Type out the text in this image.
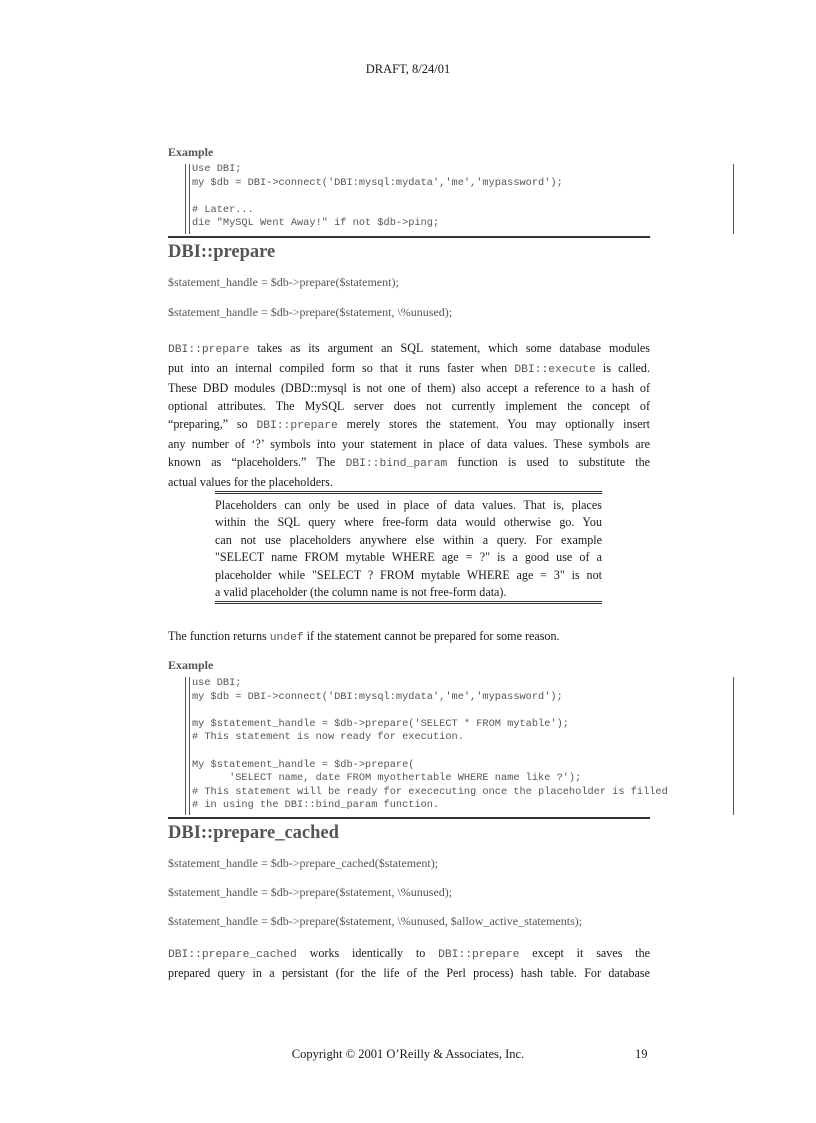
DRAFT, 8/24/01
Example
Use DBI;
my $db = DBI->connect('DBI:mysql:mydata','me','mypassword');

# Later...
die "MySQL Went Away!" if not $db->ping;
DBI::prepare
$statement_handle = $db->prepare($statement);
$statement_handle = $db->prepare($statement, \%unused);
DBI::prepare takes as its argument an SQL statement, which some database modules
put into an internal compiled form so that it runs faster when DBI::execute is called.
These DBD modules (DBD::mysql is not one of them) also accept a reference to a hash of
optional attributes. The MySQL server does not currently implement the concept of
“preparing,” so DBI::prepare merely stores the statement. You may optionally insert
any number of ‘?’ symbols into your statement in place of data values. These symbols are
known as “placeholders.” The DBI::bind_param function is used to substitute the
actual values for the placeholders.
Placeholders can only be used in place of data values. That is, places
within the SQL query where free-form data would otherwise go. You
can not use placeholders anywhere else within a query. For example
"SELECT name FROM mytable WHERE age = ?" is a good use of a
placeholder while "SELECT ? FROM mytable WHERE age = 3" is not
a valid placeholder (the column name is not free-form data).
The function returns undef if the statement cannot be prepared for some reason.
Example
use DBI;
my $db = DBI->connect('DBI:mysql:mydata','me','mypassword');

my $statement_handle = $db->prepare('SELECT * FROM mytable');
# This statement is now ready for execution.

My $statement_handle = $db->prepare(
'SELECT name, date FROM myothertable WHERE name like ?');
# This statement will be ready for exececuting once the placeholder is filled
# in using the DBI::bind_param function.
DBI::prepare_cached
$statement_handle = $db->prepare_cached($statement);
$statement_handle = $db->prepare($statement, \%unused);
$statement_handle = $db->prepare($statement, \%unused, $allow_active_statements);
DBI::prepare_cached works identically to DBI::prepare except it saves the
prepared query in a persistant (for the life of the Perl process) hash table. For database
Copyright © 2001 O’Reilly & Associates, Inc.	19
